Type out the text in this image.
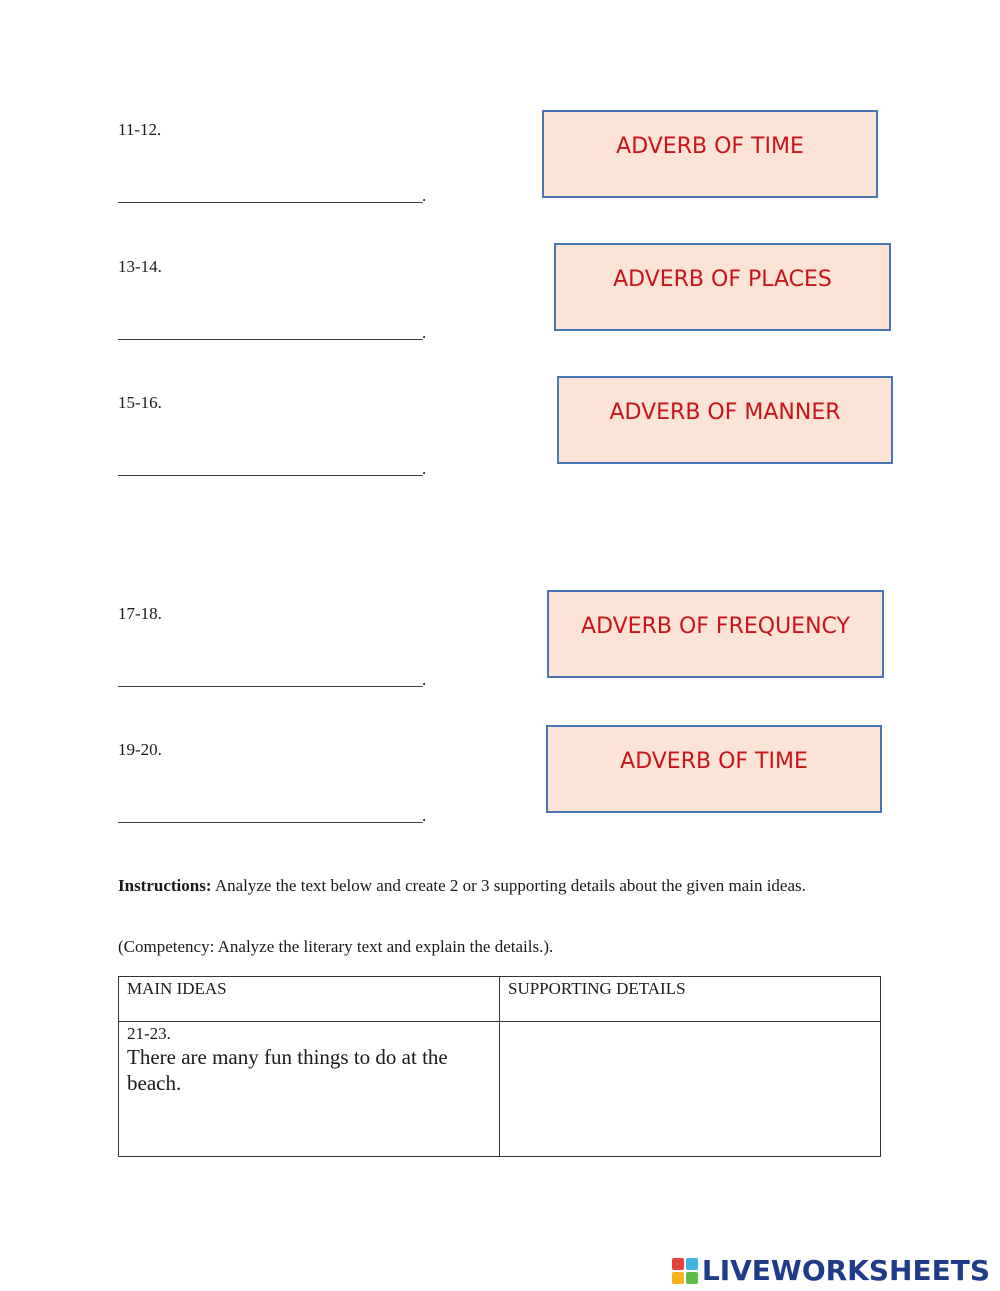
11-12.
______________________________________.
ADVERB OF TIME
13-14.
______________________________________.
ADVERB OF PLACES
15-16.
______________________________________.
ADVERB OF MANNER
17-18.
______________________________________.
ADVERB OF FREQUENCY
19-20.
______________________________________.
ADVERB OF TIME
Instructions: Analyze the text below and create 2 or 3 supporting details about the given main ideas.
(Competency: Analyze the literary text and explain the details.).
MAIN IDEAS	SUPPORTING DETAILS

21-23.
There are many fun things to do at the beach.	

LIVEWORKSHEETS
